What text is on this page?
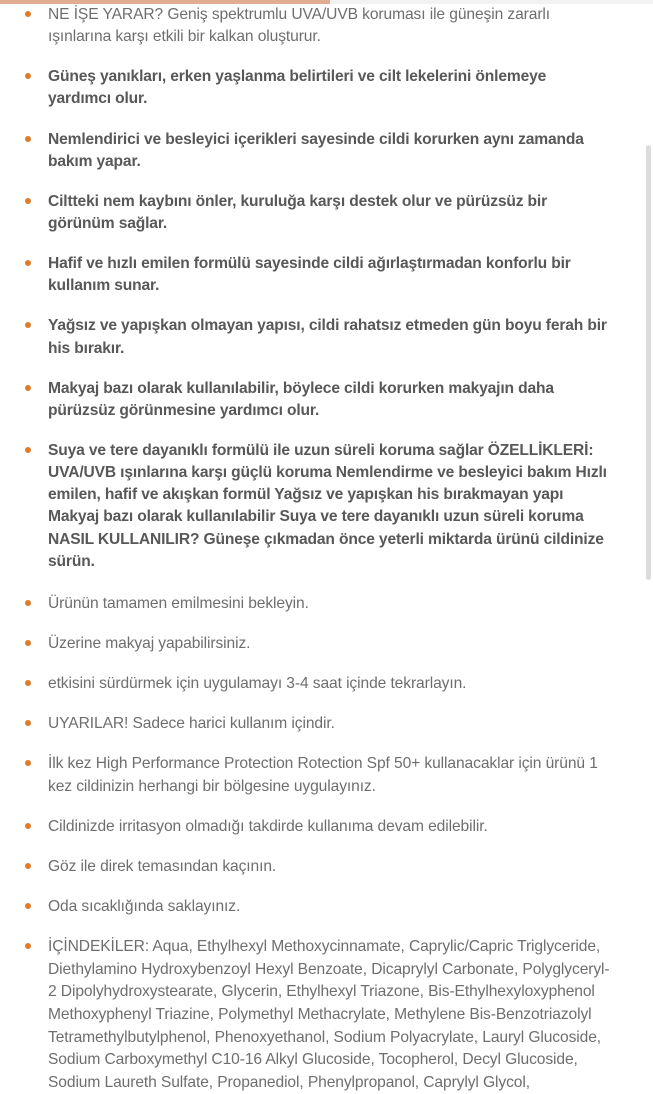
NE İŞE YARAR? Geniş spektrumlu UVA/UVB koruması ile güneşin zararlı ışınlarına karşı etkili bir kalkan oluşturur.
Güneş yanıkları, erken yaşlanma belirtileri ve cilt lekelerini önlemeye yardımcı olur.
Nemlendirici ve besleyici içerikleri sayesinde cildi korurken aynı zamanda bakım yapar.
Ciltteki nem kaybını önler, kuruluğa karşı destek olur ve pürüzsüz bir görünüm sağlar.
Hafif ve hızlı emilen formülü sayesinde cildi ağırlaştırmadan konforlu bir kullanım sunar.
Yağsız ve yapışkan olmayan yapısı, cildi rahatsız etmeden gün boyu ferah bir his bırakır.
Makyaj bazı olarak kullanılabilir, böylece cildi korurken makyajın daha pürüzsüz görünmesine yardımcı olur.
Suya ve tere dayanıklı formülü ile uzun süreli koruma sağlar ÖZELLİKLERİ: UVA/UVB ışınlarına karşı güçlü koruma Nemlendirme ve besleyici bakım Hızlı emilen, hafif ve akışkan formül Yağsız ve yapışkan his bırakmayan yapı Makyaj bazı olarak kullanılabilir Suya ve tere dayanıklı uzun süreli koruma NASIL KULLANILIR? Güneşe çıkmadan önce yeterli miktarda ürünü cildinize sürün.
Ürünün tamamen emilmesini bekleyin.
Üzerine makyaj yapabilirsiniz.
etkisini sürdürmek için uygulamayı 3-4 saat içinde tekrarlayın.
UYARILAR! Sadece harici kullanım içindir.
İlk kez High Performance Protection Rotection Spf 50+ kullanacaklar için ürünü 1 kez cildinizin herhangi bir bölgesine uygulayınız.
Cildinizde irritasyon olmadığı takdirde kullanıma devam edilebilir.
Göz ile direk temasından kaçının.
Oda sıcaklığında saklayınız.
İÇİNDEKİLER: Aqua, Ethylhexyl Methoxycinnamate, Caprylic/Capric Triglyceride, Diethylamino Hydroxybenzoyl Hexyl Benzoate, Dicaprylyl Carbonate, Polyglyceryl-2 Dipolyhydroxystearate, Glycerin, Ethylhexyl Triazone, Bis-Ethylhexyloxyphenol Methoxyphenyl Triazine, Polymethyl Methacrylate, Methylene Bis-Benzotriazolyl Tetramethylbutylphenol, Phenoxyethanol, Sodium Polyacrylate, Lauryl Glucoside, Sodium Carboxymethyl C10-16 Alkyl Glucoside, Tocopherol, Decyl Glucoside, Sodium Laureth Sulfate, Propanediol, Phenylpropanol, Caprylyl Glycol,
